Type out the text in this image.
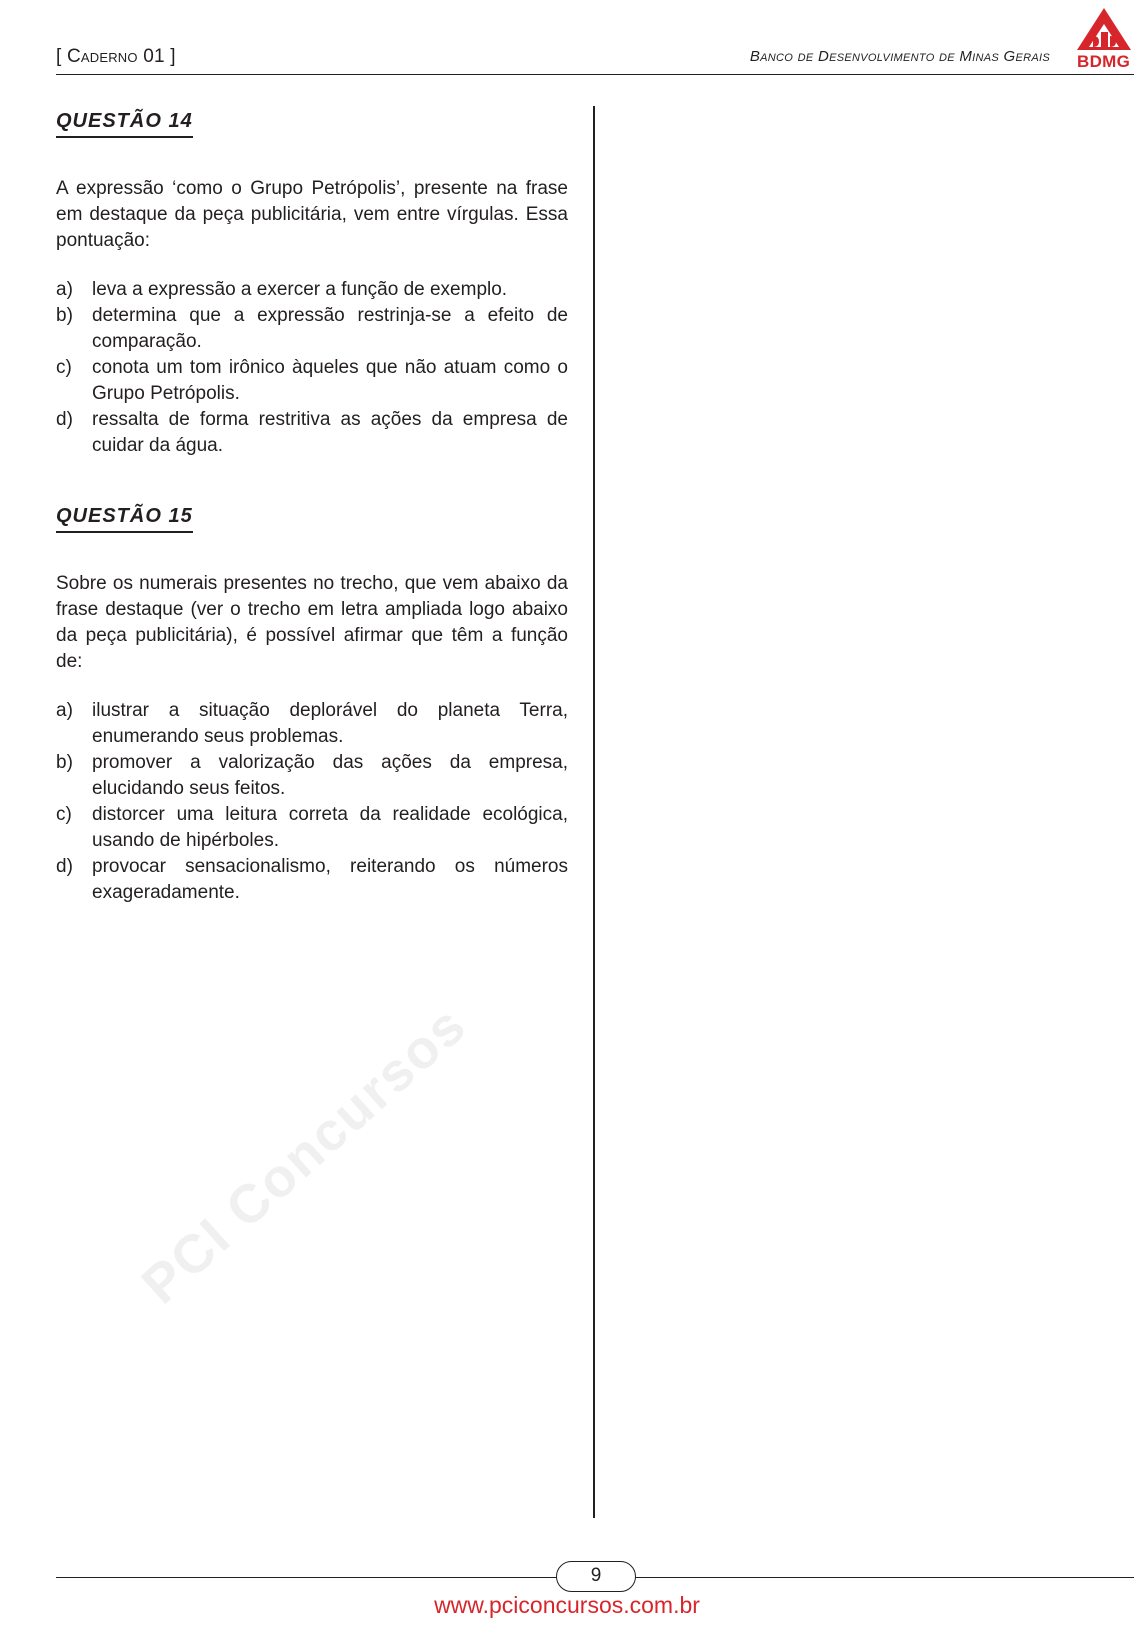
[ Caderno 01 ]	Banco de Desenvolvimento de Minas Gerais BDMG
QUESTÃO 14

A expressão ‘como o Grupo Petrópolis’, presente na frase em destaque da peça publicitária, vem entre vírgulas. Essa pontuação:

a) leva a expressão a exercer a função de exemplo.
b) determina que a expressão restrinja-se a efeito de comparação.
c) conota um tom irônico àqueles que não atuam como o Grupo Petrópolis.
d) ressalta de forma restritiva as ações da empresa de cuidar da água.
QUESTÃO 15

Sobre os numerais presentes no trecho, que vem abaixo da frase destaque (ver o trecho em letra ampliada logo abaixo da peça publicitária), é possível afirmar que têm a função de:

a) ilustrar a situação deplorável do planeta Terra, enumerando seus problemas.
b) promover a valorização das ações da empresa, elucidando seus feitos.
c) distorcer uma leitura correta da realidade ecológica, usando de hipérboles.
d) provocar sensacionalismo, reiterando os números exageradamente.
PCI Concursos
9
www.pciconcursos.com.br
